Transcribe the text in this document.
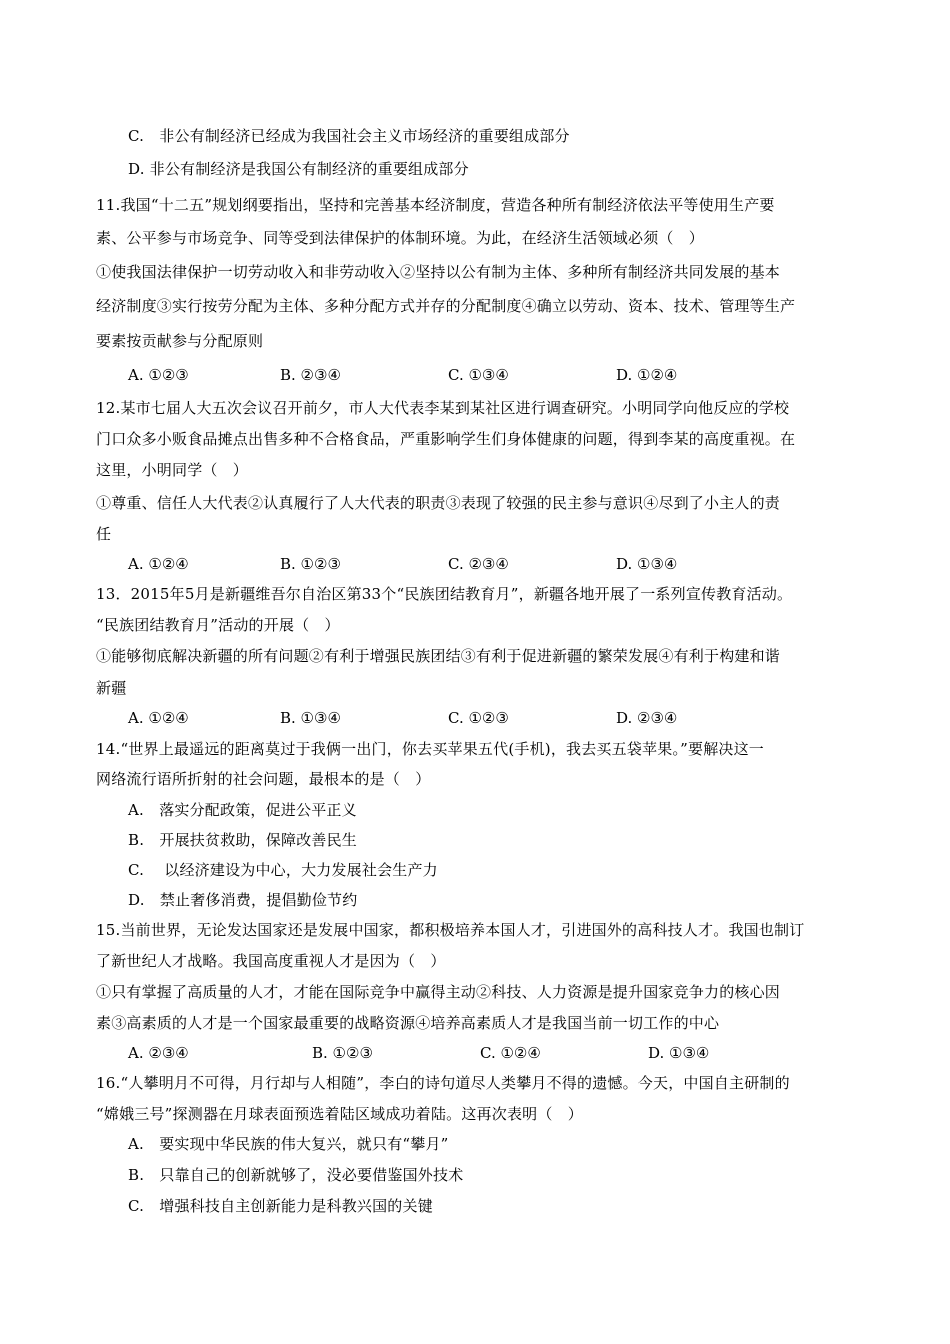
C.　非公有制经济已经成为我国社会主义市场经济的重要组成部分
D. 非公有制经济是我国公有制经济的重要组成部分
11.我国“十二五”规划纲要指出，坚持和完善基本经济制度，营造各种所有制经济依法平等使用生产要
素、公平参与市场竞争、同等受到法律保护的体制环境。为此，在经济生活领域必须（　）
①使我国法律保护一切劳动收入和非劳动收入②坚持以公有制为主体、多种所有制经济共同发展的基本
经济制度③实行按劳分配为主体、多种分配方式并存的分配制度④确立以劳动、资本、技术、管理等生产
要素按贡献参与分配原则
A. ①②③	B. ②③④	C. ①③④	D. ①②④
12.某市七届人大五次会议召开前夕，市人大代表李某到某社区进行调查研究。小明同学向他反应的学校
门口众多小贩食品摊点出售多种不合格食品，严重影响学生们身体健康的问题，得到李某的高度重视。在
这里，小明同学（　）
①尊重、信任人大代表②认真履行了人大代表的职责③表现了较强的民主参与意识④尽到了小主人的责
任
A. ①②④	B. ①②③	C. ②③④	D. ①③④
13．2015年5月是新疆维吾尔自治区第33个“民族团结教育月”，新疆各地开展了一系列宣传教育活动。
“民族团结教育月”活动的开展（　）
①能够彻底解决新疆的所有问题②有利于增强民族团结③有利于促进新疆的繁荣发展④有利于构建和谐
新疆
A. ①②④	B. ①③④	C. ①②③	D. ②③④
14.“世界上最遥远的距离莫过于我俩一出门，你去买苹果五代(手机)，我去买五袋苹果。”要解决这一
网络流行语所折射的社会问题，最根本的是（　）
A.　落实分配政策，促进公平正义
B.　开展扶贫救助，保障改善民生
C.　 以经济建设为中心，大力发展社会生产力
D.　禁止奢侈消费，提倡勤俭节约
15.当前世界，无论发达国家还是发展中国家，都积极培养本国人才，引进国外的高科技人才。我国也制订
了新世纪人才战略。我国高度重视人才是因为（　）
①只有掌握了高质量的人才，才能在国际竞争中赢得主动②科技、人力资源是提升国家竞争力的核心因
素③高素质的人才是一个国家最重要的战略资源④培养高素质人才是我国当前一切工作的中心
A. ②③④	B. ①②③	C. ①②④	D. ①③④
16.“人攀明月不可得，月行却与人相随”，李白的诗句道尽人类攀月不得的遗憾。今天，中国自主研制的
“嫦娥三号”探测器在月球表面预选着陆区域成功着陆。这再次表明（　）
A.　要实现中华民族的伟大复兴，就只有“攀月”
B.　只靠自己的创新就够了，没必要借鉴国外技术
C.　增强科技自主创新能力是科教兴国的关键
